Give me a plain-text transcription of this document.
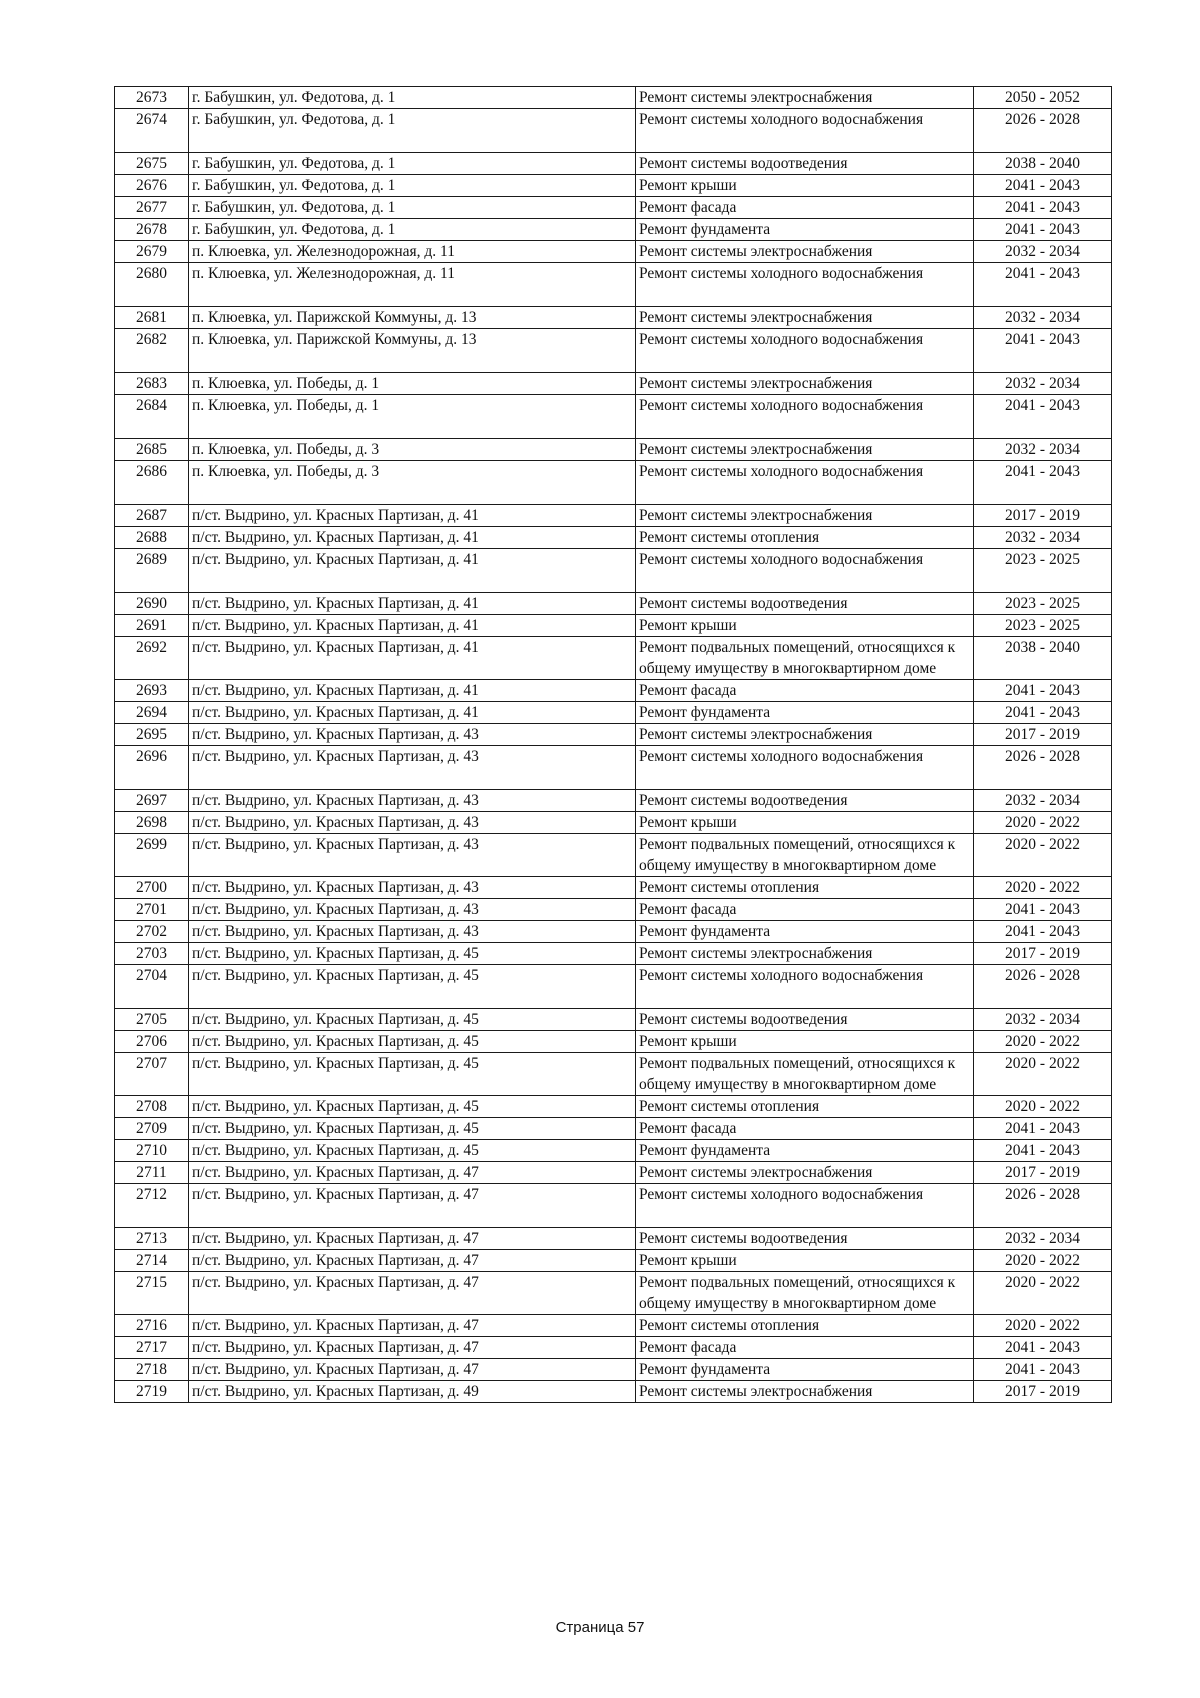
2673	г. Бабушкин, ул. Федотова, д. 1	Ремонт системы электроснабжения	2050 - 2052
2674	г. Бабушкин, ул. Федотова, д. 1	Ремонт системы холодного водоснабжения	2026 - 2028
2675	г. Бабушкин, ул. Федотова, д. 1	Ремонт системы водоотведения	2038 - 2040
2676	г. Бабушкин, ул. Федотова, д. 1	Ремонт крыши	2041 - 2043
2677	г. Бабушкин, ул. Федотова, д. 1	Ремонт фасада	2041 - 2043
2678	г. Бабушкин, ул. Федотова, д. 1	Ремонт фундамента	2041 - 2043
2679	п. Клюевка, ул. Железнодорожная, д. 11	Ремонт системы электроснабжения	2032 - 2034
2680	п. Клюевка, ул. Железнодорожная, д. 11	Ремонт системы холодного водоснабжения	2041 - 2043
2681	п. Клюевка, ул. Парижской Коммуны, д. 13	Ремонт системы электроснабжения	2032 - 2034
2682	п. Клюевка, ул. Парижской Коммуны, д. 13	Ремонт системы холодного водоснабжения	2041 - 2043
2683	п. Клюевка, ул. Победы, д. 1	Ремонт системы электроснабжения	2032 - 2034
2684	п. Клюевка, ул. Победы, д. 1	Ремонт системы холодного водоснабжения	2041 - 2043
2685	п. Клюевка, ул. Победы, д. 3	Ремонт системы электроснабжения	2032 - 2034
2686	п. Клюевка, ул. Победы, д. 3	Ремонт системы холодного водоснабжения	2041 - 2043
2687	п/ст. Выдрино, ул. Красных Партизан, д. 41	Ремонт системы электроснабжения	2017 - 2019
2688	п/ст. Выдрино, ул. Красных Партизан, д. 41	Ремонт системы отопления	2032 - 2034
2689	п/ст. Выдрино, ул. Красных Партизан, д. 41	Ремонт системы холодного водоснабжения	2023 - 2025
2690	п/ст. Выдрино, ул. Красных Партизан, д. 41	Ремонт системы водоотведения	2023 - 2025
2691	п/ст. Выдрино, ул. Красных Партизан, д. 41	Ремонт крыши	2023 - 2025
2692	п/ст. Выдрино, ул. Красных Партизан, д. 41	Ремонт подвальных помещений, относящихся к общему имуществу в многоквартирном доме	2038 - 2040
2693	п/ст. Выдрино, ул. Красных Партизан, д. 41	Ремонт фасада	2041 - 2043
2694	п/ст. Выдрино, ул. Красных Партизан, д. 41	Ремонт фундамента	2041 - 2043
2695	п/ст. Выдрино, ул. Красных Партизан, д. 43	Ремонт системы электроснабжения	2017 - 2019
2696	п/ст. Выдрино, ул. Красных Партизан, д. 43	Ремонт системы холодного водоснабжения	2026 - 2028
2697	п/ст. Выдрино, ул. Красных Партизан, д. 43	Ремонт системы водоотведения	2032 - 2034
2698	п/ст. Выдрино, ул. Красных Партизан, д. 43	Ремонт крыши	2020 - 2022
2699	п/ст. Выдрино, ул. Красных Партизан, д. 43	Ремонт подвальных помещений, относящихся к общему имуществу в многоквартирном доме	2020 - 2022
2700	п/ст. Выдрино, ул. Красных Партизан, д. 43	Ремонт системы отопления	2020 - 2022
2701	п/ст. Выдрино, ул. Красных Партизан, д. 43	Ремонт фасада	2041 - 2043
2702	п/ст. Выдрино, ул. Красных Партизан, д. 43	Ремонт фундамента	2041 - 2043
2703	п/ст. Выдрино, ул. Красных Партизан, д. 45	Ремонт системы электроснабжения	2017 - 2019
2704	п/ст. Выдрино, ул. Красных Партизан, д. 45	Ремонт системы холодного водоснабжения	2026 - 2028
2705	п/ст. Выдрино, ул. Красных Партизан, д. 45	Ремонт системы водоотведения	2032 - 2034
2706	п/ст. Выдрино, ул. Красных Партизан, д. 45	Ремонт крыши	2020 - 2022
2707	п/ст. Выдрино, ул. Красных Партизан, д. 45	Ремонт подвальных помещений, относящихся к общему имуществу в многоквартирном доме	2020 - 2022
2708	п/ст. Выдрино, ул. Красных Партизан, д. 45	Ремонт системы отопления	2020 - 2022
2709	п/ст. Выдрино, ул. Красных Партизан, д. 45	Ремонт фасада	2041 - 2043
2710	п/ст. Выдрино, ул. Красных Партизан, д. 45	Ремонт фундамента	2041 - 2043
2711	п/ст. Выдрино, ул. Красных Партизан, д. 47	Ремонт системы электроснабжения	2017 - 2019
2712	п/ст. Выдрино, ул. Красных Партизан, д. 47	Ремонт системы холодного водоснабжения	2026 - 2028
2713	п/ст. Выдрино, ул. Красных Партизан, д. 47	Ремонт системы водоотведения	2032 - 2034
2714	п/ст. Выдрино, ул. Красных Партизан, д. 47	Ремонт крыши	2020 - 2022
2715	п/ст. Выдрино, ул. Красных Партизан, д. 47	Ремонт подвальных помещений, относящихся к общему имуществу в многоквартирном доме	2020 - 2022
2716	п/ст. Выдрино, ул. Красных Партизан, д. 47	Ремонт системы отопления	2020 - 2022
2717	п/ст. Выдрино, ул. Красных Партизан, д. 47	Ремонт фасада	2041 - 2043
2718	п/ст. Выдрино, ул. Красных Партизан, д. 47	Ремонт фундамента	2041 - 2043
2719	п/ст. Выдрино, ул. Красных Партизан, д. 49	Ремонт системы электроснабжения	2017 - 2019
Страница 57
